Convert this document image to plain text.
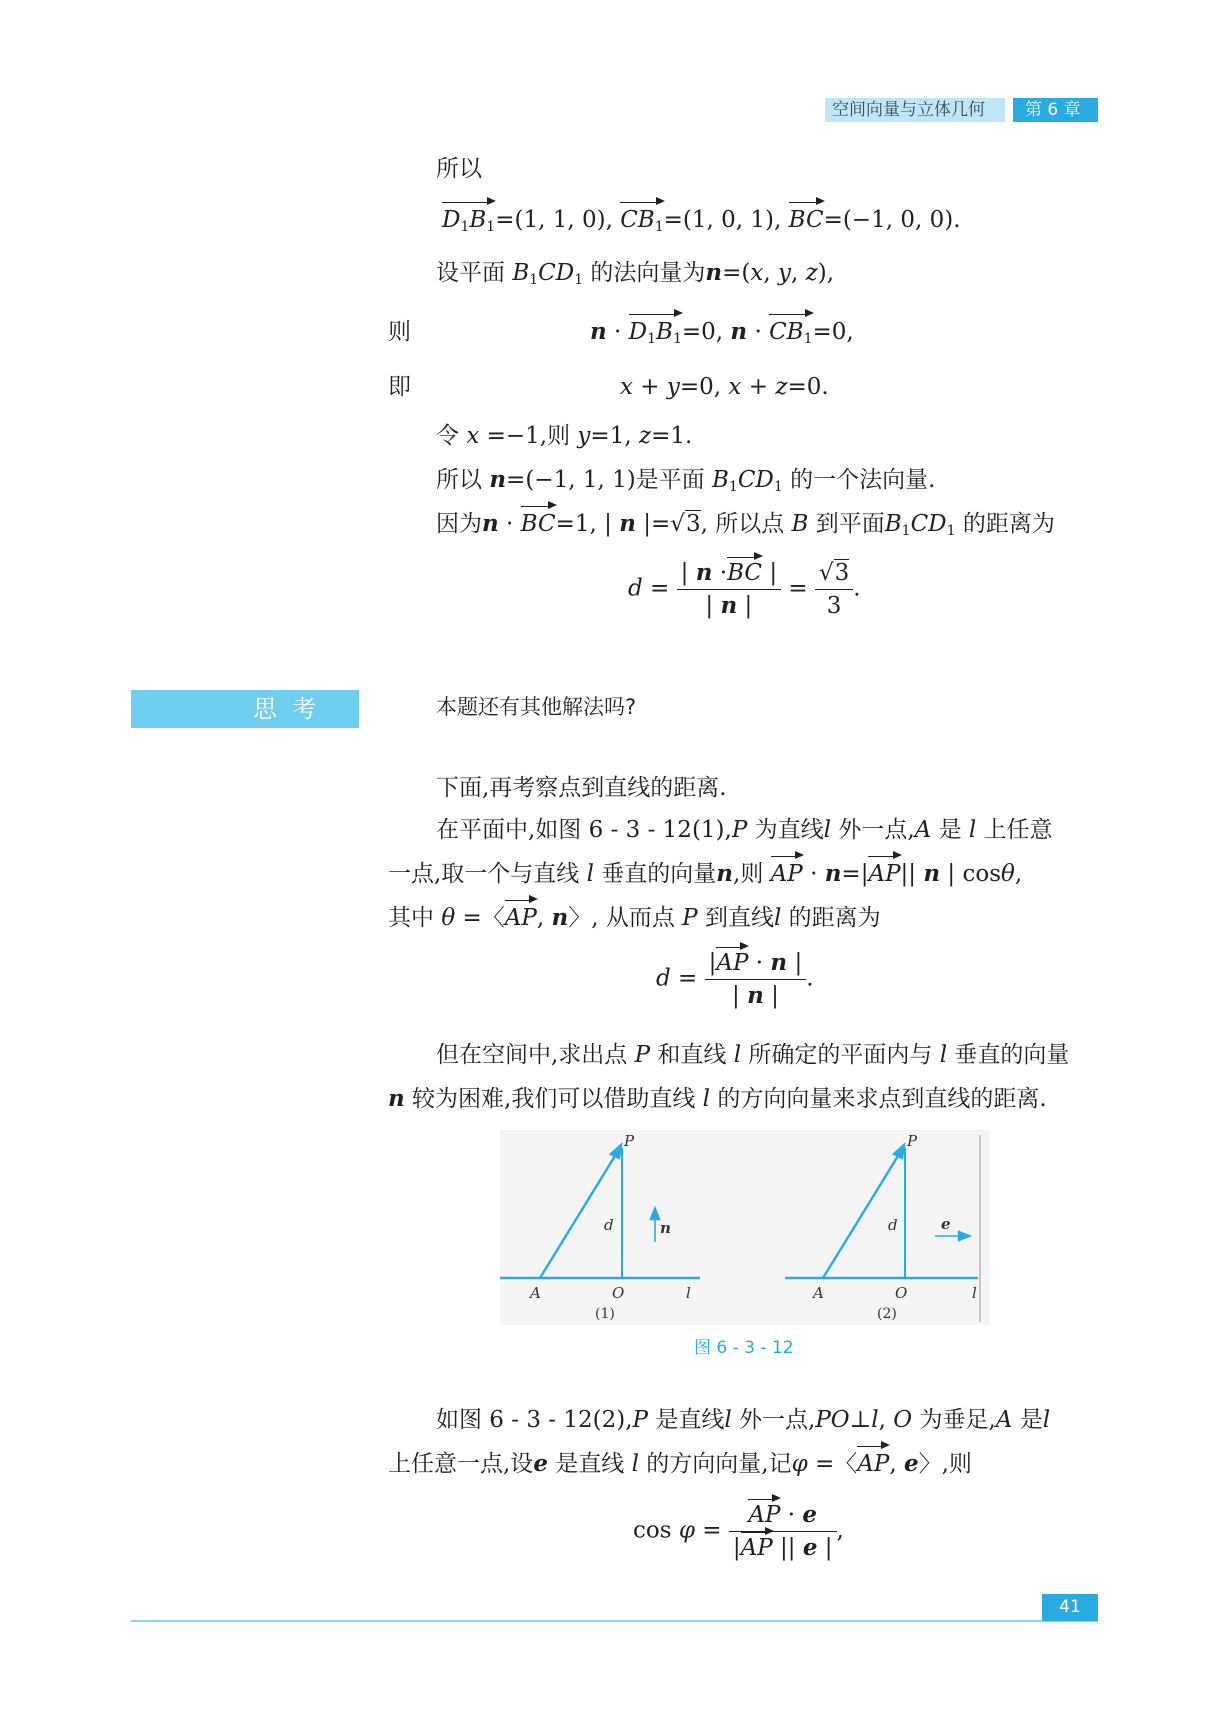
空间向量与立体几何 第 6 章
所以
$D_1B_1=(1$, 1, 0), $CB_1=(1$, 0, 1), BC=(−1, 0, 0).
设平面 $B_1CD_1$ 的法向量为n=(x, y, z),
则	$n \cdot D_1B_1=0$, $n \cdot CB_1=0$,
即	x + y=0, x + z=0.
令 x =−1,则 y=1, z=1.
所以 n=(−1, 1, 1)是平面 $B_1CD_1$ 的一个法向量.
因为n · BC=1, | n |=√3, 所以点 B 到平面$B_1CD_1$ 的距离为
$d = \frac{| n \cdot BC |}{| n |} = \frac{√3}{3}$ .
思  考	本题还有其他解法吗?
下面,再考察点到直线的距离.
在平面中,如图 6 - 3 - 12(1),P 为直线l 外一点,A 是 l 上任意
一点,取一个与直线 l 垂直的向量n,则 AP · n=|AP|| n | cosθ,
其中 θ =〈AP, n〉, 从而点 P 到直线l 的距离为
$d = \frac{|AP \cdot n |}{| n |}$ .
但在空间中,求出点 P 和直线 l 所确定的平面内与 l 垂直的向量
n 较为困难,我们可以借助直线 l 的方向向量来求点到直线的距离.
P
d	n
A	O	l
P
d	e
A	O	l
(1)	(2)
图 6 - 3 - 12
如图 6 - 3 - 12(2),P 是直线l 外一点,PO⊥l, O 为垂足,A 是l
上任意一点,设e 是直线 l 的方向向量,记φ =〈AP, e〉,则
$\cos \varphi = \frac{AP \cdot e}{|AP || e |}$ ,
41
